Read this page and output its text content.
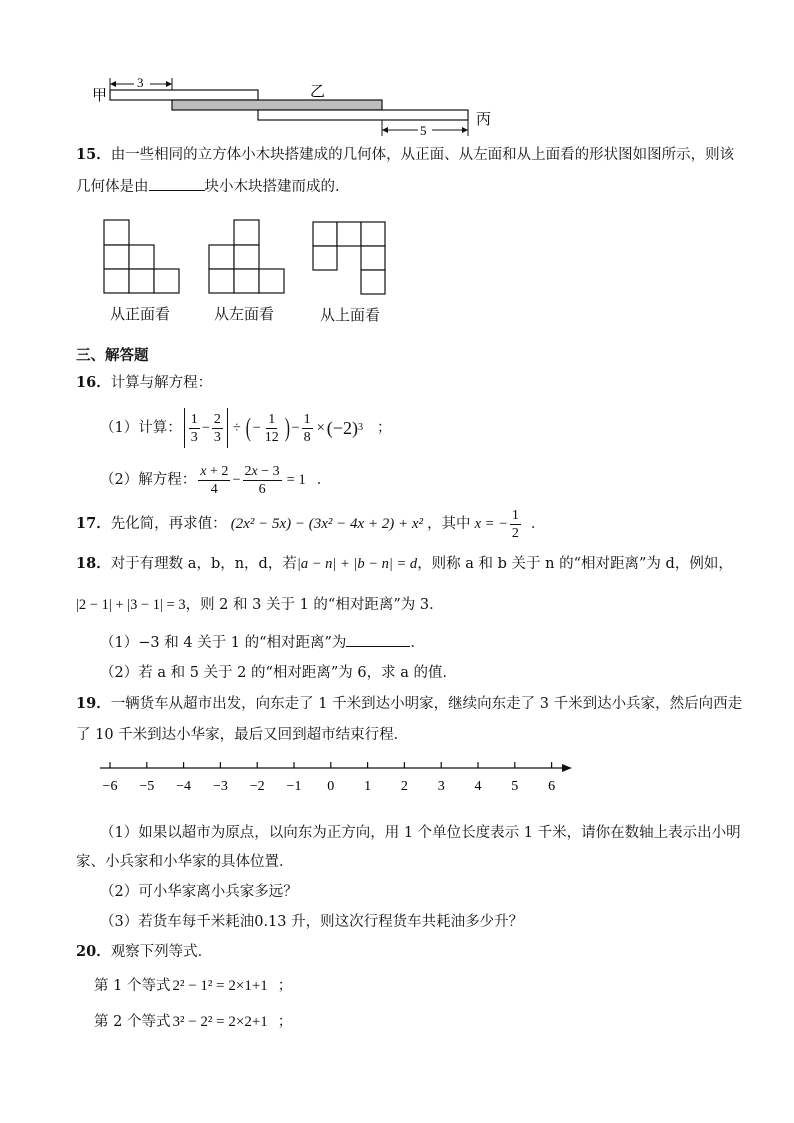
甲	乙
丙
3
5
15．由一些相同的立方体小木块搭建成的几何体，从正面、从左面和从上面看的形状图如图所示，则该
几何体是由	块小木块搭建而成的．
从正面看	从左面看	从上面看
三、解答题
16．计算与解方程：
（1）计算： $\frac{1}{3} - \frac{2}{3}$ ÷ ( − $\frac{1}{12}$ ) − $\frac{1}{8} \times (-2)$ 3 ；
（2）解方程： $\frac{x + 2}{4} - \frac{2x - 3}{6} = 1$ ．
17 ． 先化简，再求值： (2x² − 5x) − (3x² − 4x + 2) + x² ，其中 x = − $\frac{1}{2}$ ．
18．对于有理数 a，b，n，d，若|a − n| + |b − n| = d，则称 a 和 b 关于 n 的“相对距离”为 d，例如，
|2 − 1| + |3 − 1| = 3，则 2 和 3 关于 1 的“相对距离”为 3．
（1）−3 和 4 关于 1 的“相对距离”为	．
（2）若 a 和 5 关于 2 的“相对距离”为 6，求 a 的值．
19．一辆货车从超市出发，向东走了 1 千米到达小明家，继续向东走了 3 千米到达小兵家，然后向西走
了 10 千米到达小华家，最后又回到超市结束行程．
−6 −5 −4 −3 −2 −1 0 1 2 3 4 5 6
（1）如果以超市为原点，以向东为正方向，用 1 个单位长度表示 1 千米，请你在数轴上表示出小明
家、小兵家和小华家的具体位置．
（2）可小华家离小兵家多远？
（3）若货车每千米耗油0.13 升，则这次行程货车共耗油多少升？
20．观察下列等式．
第 1 个等式 2² − 1² = 2×1+1 ；
第 2 个等式 3² − 2² = 2×2+1 ；
